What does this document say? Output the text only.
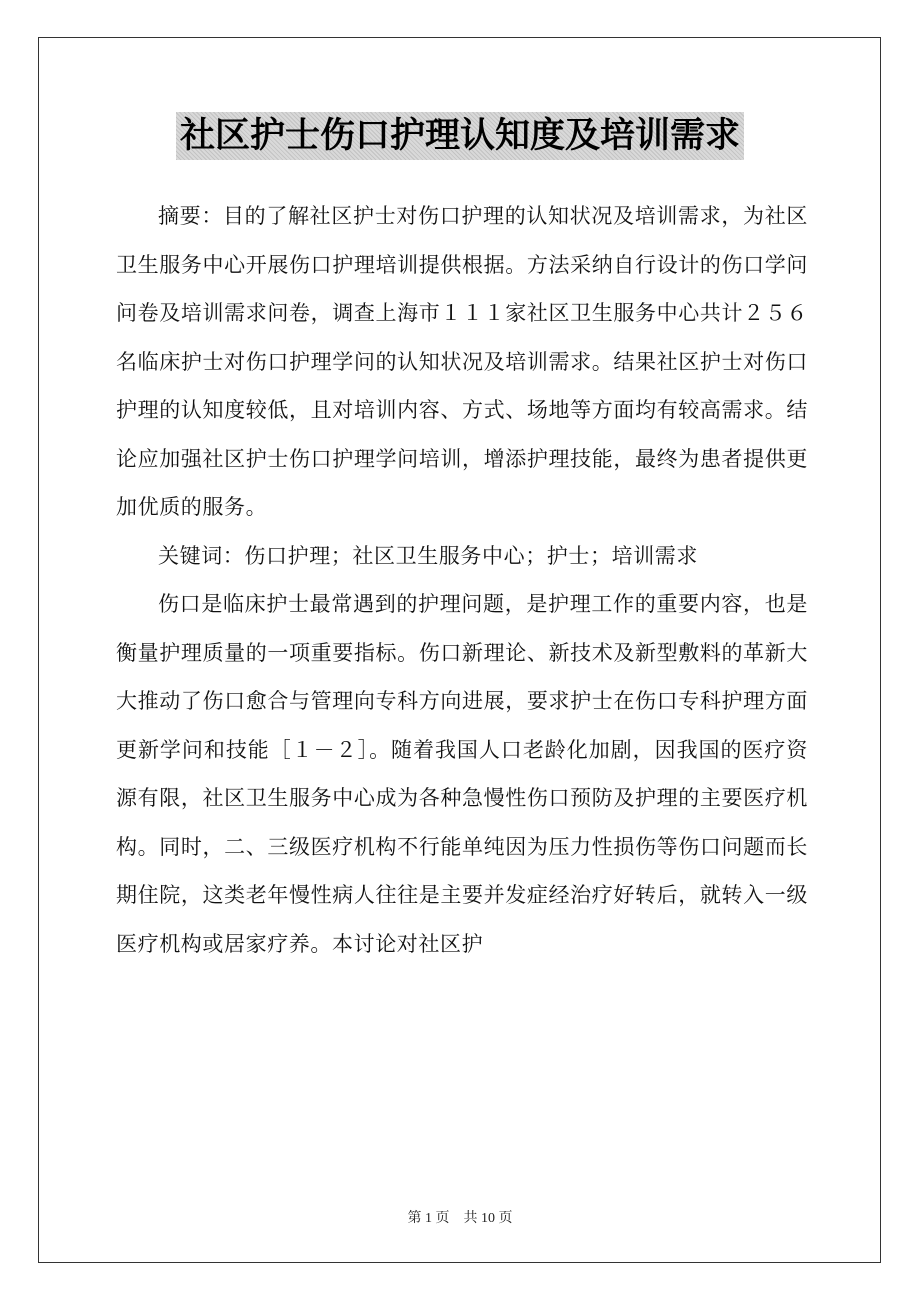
社区护士伤口护理认知度及培训需求

摘要：目的了解社区护士对伤口护理的认知状况及培训需求，为社区卫生服务中心开展伤口护理培训提供根据。方法采纳自行设计的伤口学问问卷及培训需求问卷，调查上海市１１１家社区卫生服务中心共计２５６名临床护士对伤口护理学问的认知状况及培训需求。结果社区护士对伤口护理的认知度较低，且对培训内容、方式、场地等方面均有较高需求。结论应加强社区护士伤口护理学问培训，增添护理技能，最终为患者提供更加优质的服务。

关键词：伤口护理；社区卫生服务中心；护士；培训需求

伤口是临床护士最常遇到的护理问题，是护理工作的重要内容，也是衡量护理质量的一项重要指标。伤口新理论、新技术及新型敷料的革新大大推动了伤口愈合与管理向专科方向进展，要求护士在伤口专科护理方面更新学问和技能［１－２］。随着我国人口老龄化加剧，因我国的医疗资源有限，社区卫生服务中心成为各种急慢性伤口预防及护理的主要医疗机构。同时，二、三级医疗机构不行能单纯因为压力性损伤等伤口问题而长期住院，这类老年慢性病人往往是主要并发症经治疗好转后，就转入一级医疗机构或居家疗养。本讨论对社区护

第 1 页    共 10 页
